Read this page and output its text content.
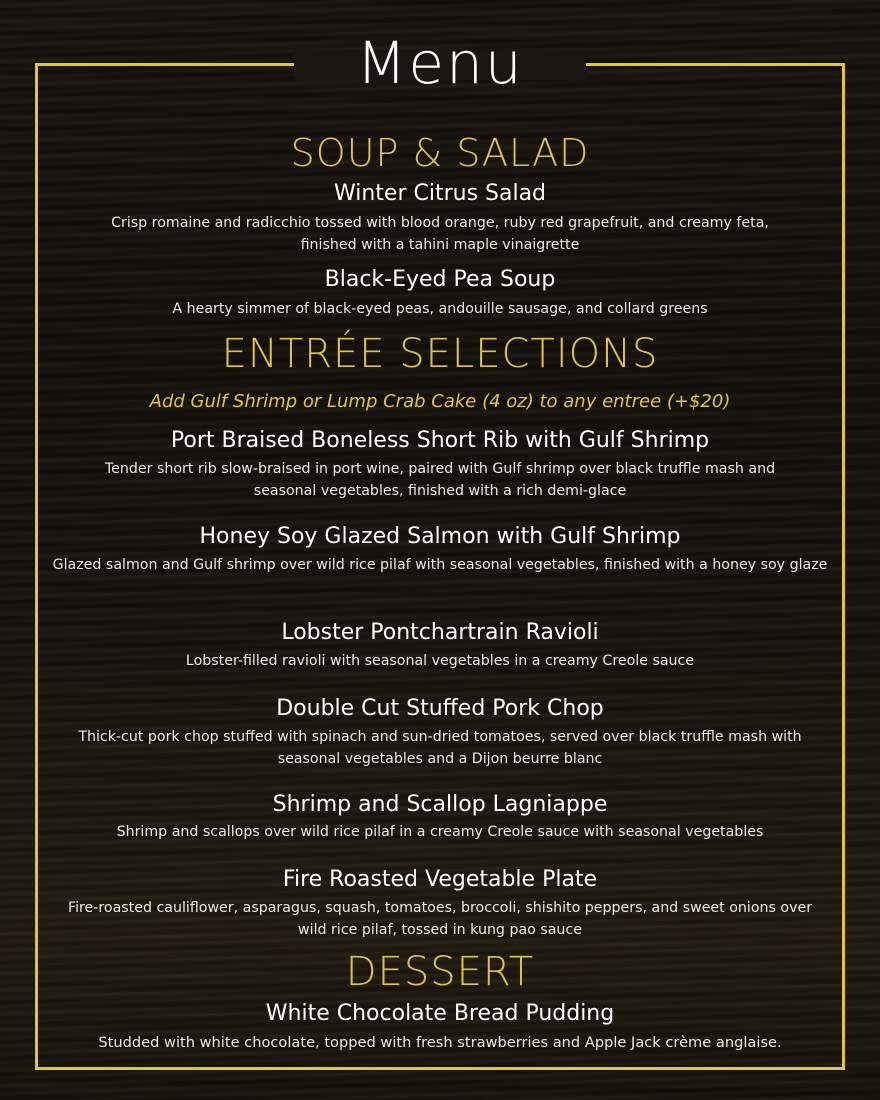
Menu
SOUP & SALAD
Winter Citrus Salad
Crisp romaine and radicchio tossed with blood orange, ruby red grapefruit, and creamy feta, finished with a tahini maple vinaigrette
Black-Eyed Pea Soup
A hearty simmer of black-eyed peas, andouille sausage, and collard greens
ENTRÉE SELECTIONS
Add Gulf Shrimp or Lump Crab Cake (4 oz) to any entree (+$20)
Port Braised Boneless Short Rib with Gulf Shrimp
Tender short rib slow-braised in port wine, paired with Gulf shrimp over black truffle mash and seasonal vegetables, finished with a rich demi-glace
Honey Soy Glazed Salmon with Gulf Shrimp
Glazed salmon and Gulf shrimp over wild rice pilaf with seasonal vegetables, finished with a honey soy glaze
Lobster Pontchartrain Ravioli
Lobster-filled ravioli with seasonal vegetables in a creamy Creole sauce
Double Cut Stuffed Pork Chop
Thick-cut pork chop stuffed with spinach and sun-dried tomatoes, served over black truffle mash with seasonal vegetables and a Dijon beurre blanc
Shrimp and Scallop Lagniappe
Shrimp and scallops over wild rice pilaf in a creamy Creole sauce with seasonal vegetables
Fire Roasted Vegetable Plate
Fire-roasted cauliflower, asparagus, squash, tomatoes, broccoli, shishito peppers, and sweet onions over wild rice pilaf, tossed in kung pao sauce
DESSERT
White Chocolate Bread Pudding
Studded with white chocolate, topped with fresh strawberries and Apple Jack crème anglaise.
